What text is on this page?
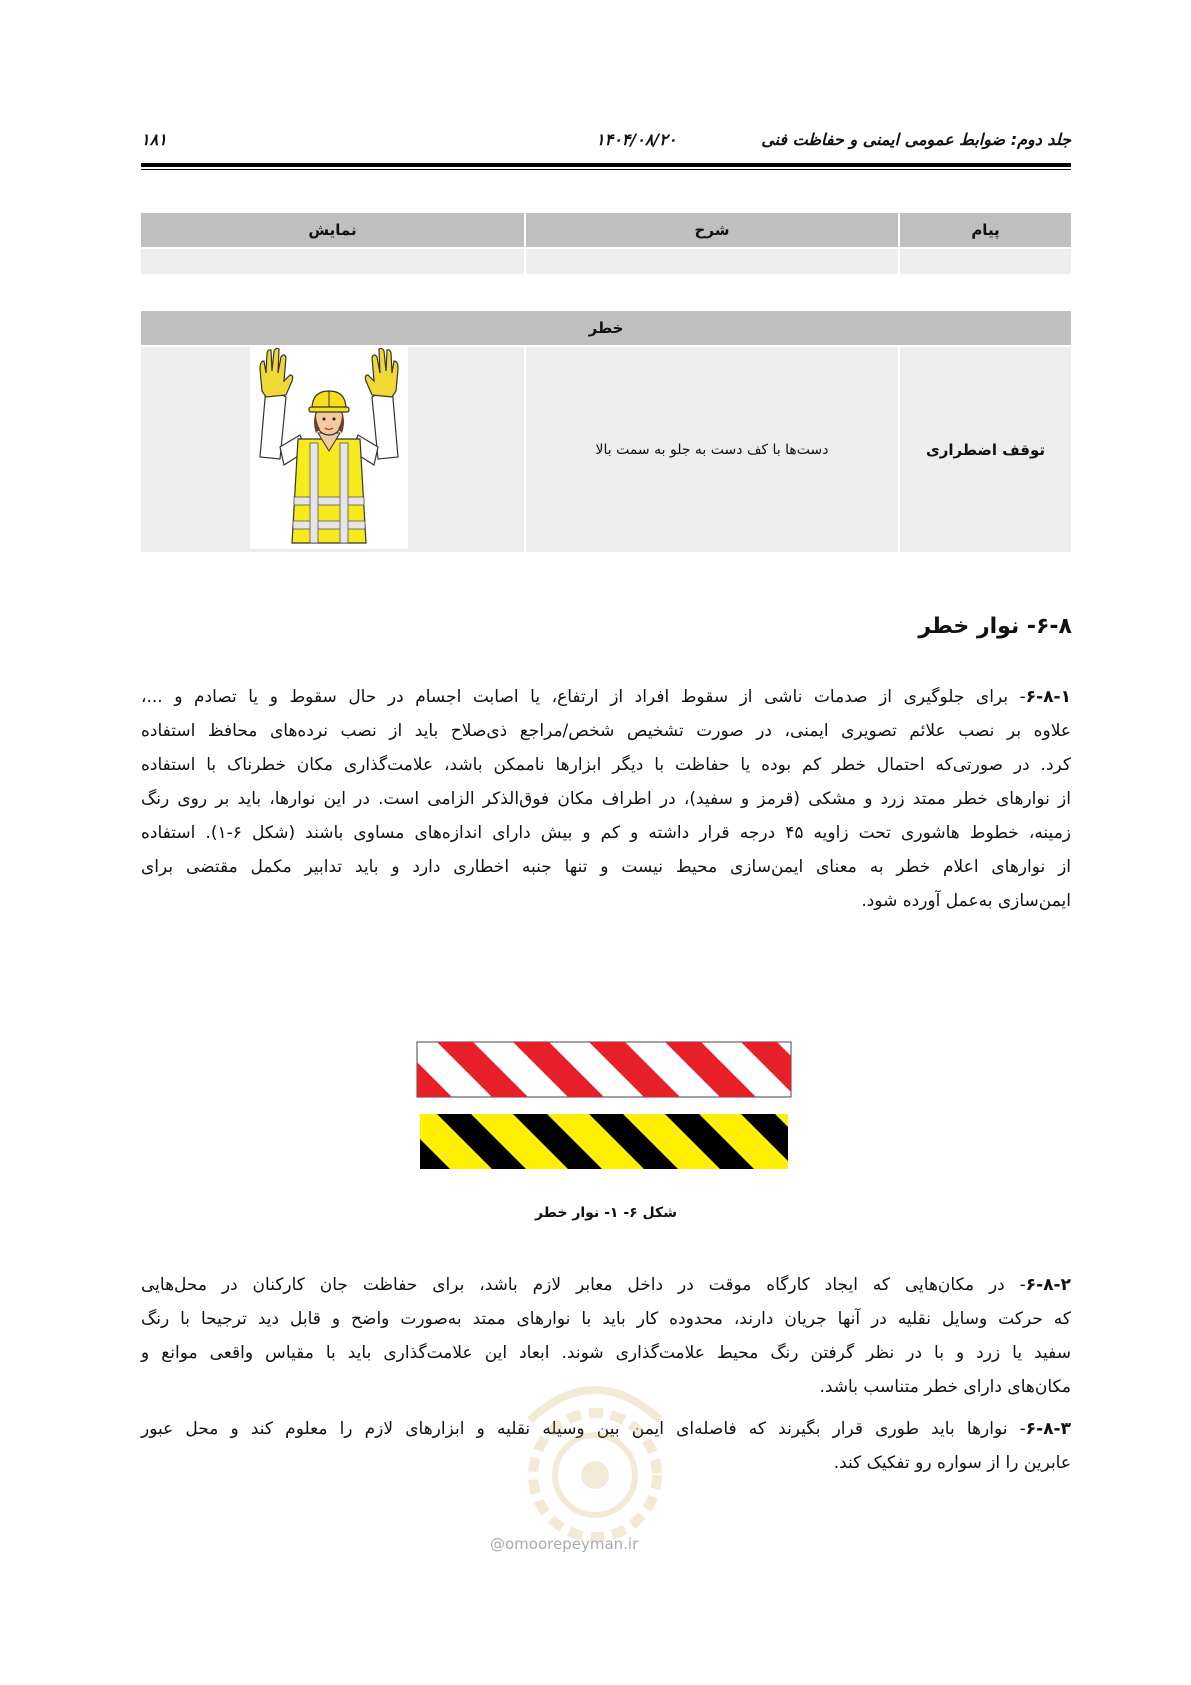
جلد دوم: ضوابط عمومی ایمنی و حفاظت فنی
۱۴۰۴/۰۸/۲۰
۱۸۱
نمایش	شرح	پیام
خطر
دست‌ها با کف دست به جلو به سمت بالا	توقف اضطراری
۶-۸- نوار خطر
۶-۸-۱- برای جلوگیری از صدمات ناشی از سقوط افراد از ارتفاع، یا اصابت اجسام در حال سقوط و یا تصادم و ...،
علاوه بر نصب علائم تصویری ایمنی، در صورت تشخیص شخص/مراجع ذی‌صلاح باید از نصب نرده‌های محافظ استفاده
کرد. در صورتی‌که احتمال خطر کم بوده یا حفاظت با دیگر ابزارها ناممکن باشد، علامت‌گذاری مکان خطرناک با استفاده
از نوارهای خطر ممتد زرد و مشکی (قرمز و سفید)، در اطراف مکان فوق‌الذکر الزامی است. در این نوارها، باید بر روی رنگ
زمینه، خطوط هاشوری تحت زاویه ۴۵ درجه قرار داشته و کم و بیش دارای اندازه‌های مساوی باشند (شکل ۶-۱). استفاده
از نوارهای اعلام خطر به معنای ایمن‌سازی محیط نیست و تنها جنبه اخطاری دارد و باید تدابیر مکمل مقتضی برای
ایمن‌سازی به‌عمل آورده شود.
شکل ۶- ۱- نوار خطر
۶-۸-۲- در مکان‌هایی که ایجاد کارگاه موقت در داخل معابر لازم باشد، برای حفاظت جان کارکنان در محل‌هایی
که حرکت وسایل نقلیه در آنها جریان دارند، محدوده کار باید با نوارهای ممتد به‌صورت واضح و قابل دید ترجیحا با رنگ
سفید یا زرد و با در نظر گرفتن رنگ محیط علامت‌گذاری شوند. ابعاد این علامت‌گذاری باید با مقیاس واقعی موانع و
مکان‌های دارای خطر متناسب باشد.
۶-۸-۳- نوارها باید طوری قرار بگیرند که فاصله‌ای ایمن بین وسیله نقلیه و ابزارهای لازم را معلوم کند و محل عبور
عابرین را از سواره رو تفکیک کند.
@omoorepeyman.ir
